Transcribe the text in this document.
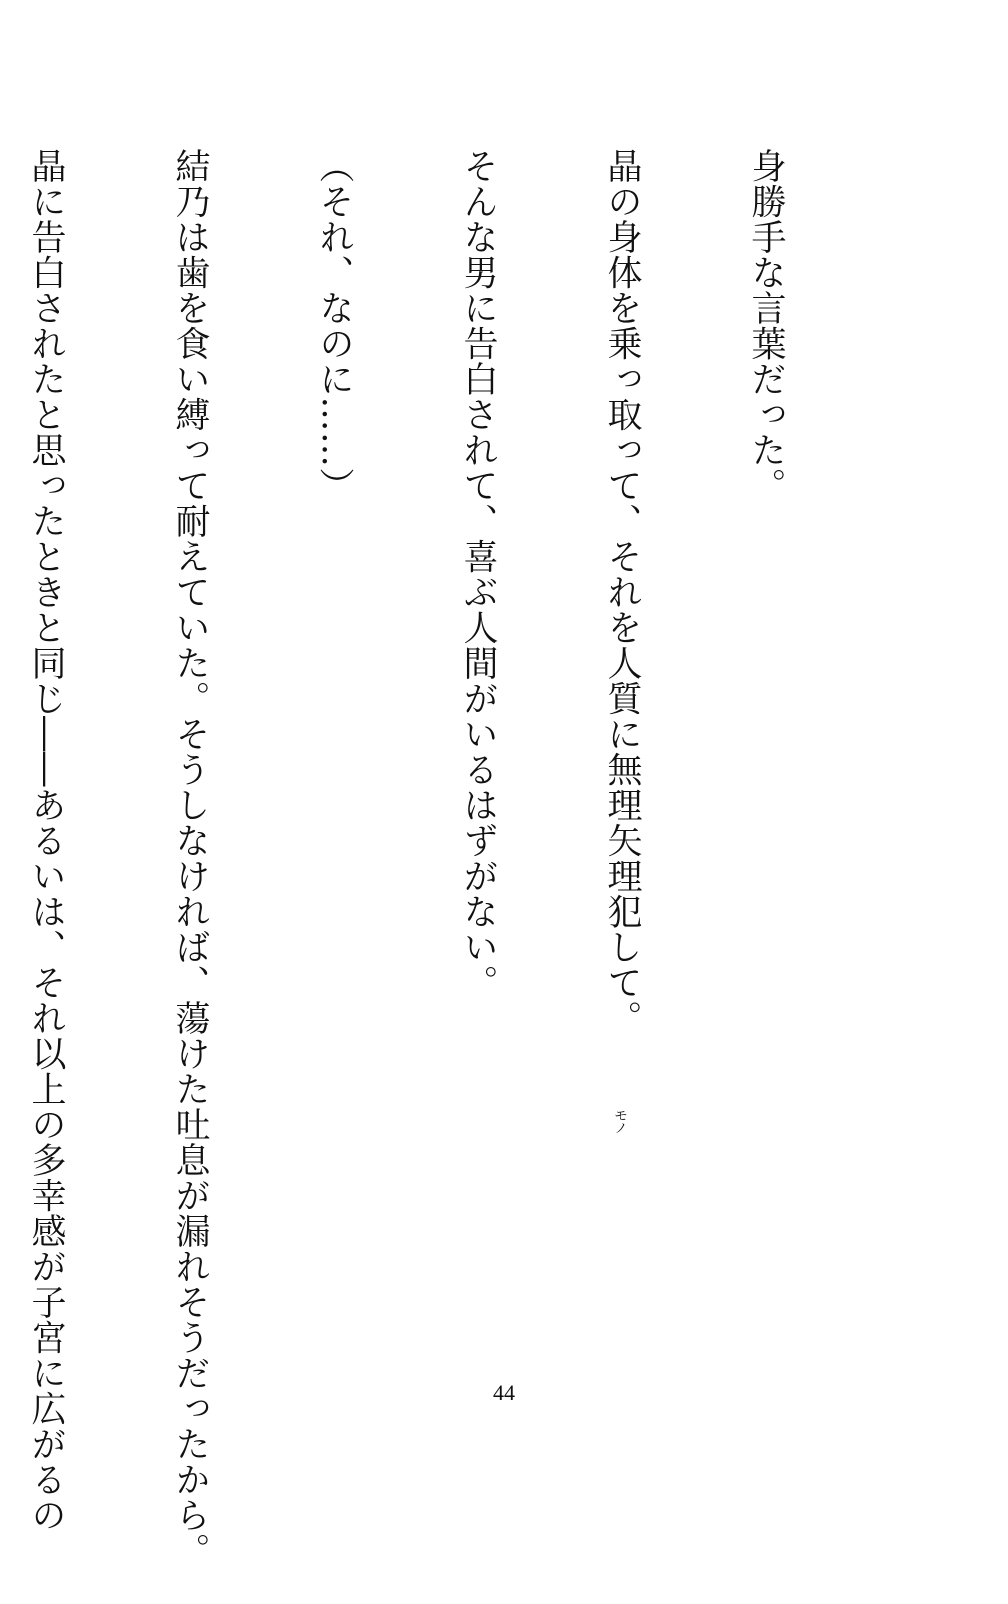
身勝手な言葉だった。

晶の身体を乗っ取って、それを人質に無理矢理犯して。

そんな男に告白されて、喜ぶ人間がいるはずがない。

（それ、なのに……）

結乃は歯を食い縛って耐えていた。そうしなければ、蕩けた吐息が漏れそうだったから。

晶に告白されたと思ったときと同じ――あるいは、それ以上の多幸感が子宮に広がるの

	モノ
44
